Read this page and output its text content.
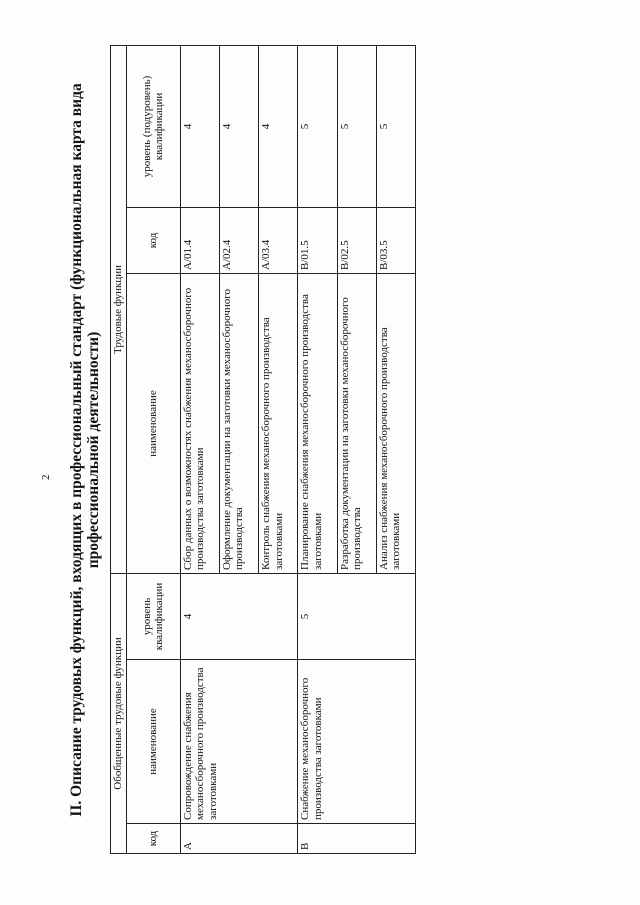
2 II. Описание трудовых функций, входящих в профессиональный стандарт (функциональная карта вида профессиональной деятельности)
Обобщенные трудовые функции			Трудовые функции		
код	наименование	уровень квалификации	наименование	код	уровень (подуровень) квалификации
А	Сопровождение снабжения механосборочного производства заготовками	4	Сбор данных о возможностях снабжения механосборочного производства заготовками	А/01.4	4
			Оформление документации на заготовки механосборочного производства	А/02.4	4
			Контроль снабжения механосборочного производства заготовками	А/03.4	4
В	Снабжение механосборочного производства заготовками	5	Планирование снабжения механосборочного производства заготовками	В/01.5	5
			Разработка документации на заготовки механосборочного производства	В/02.5	5
			Анализ снабжения механосборочного производства заготовками	В/03.5	5
